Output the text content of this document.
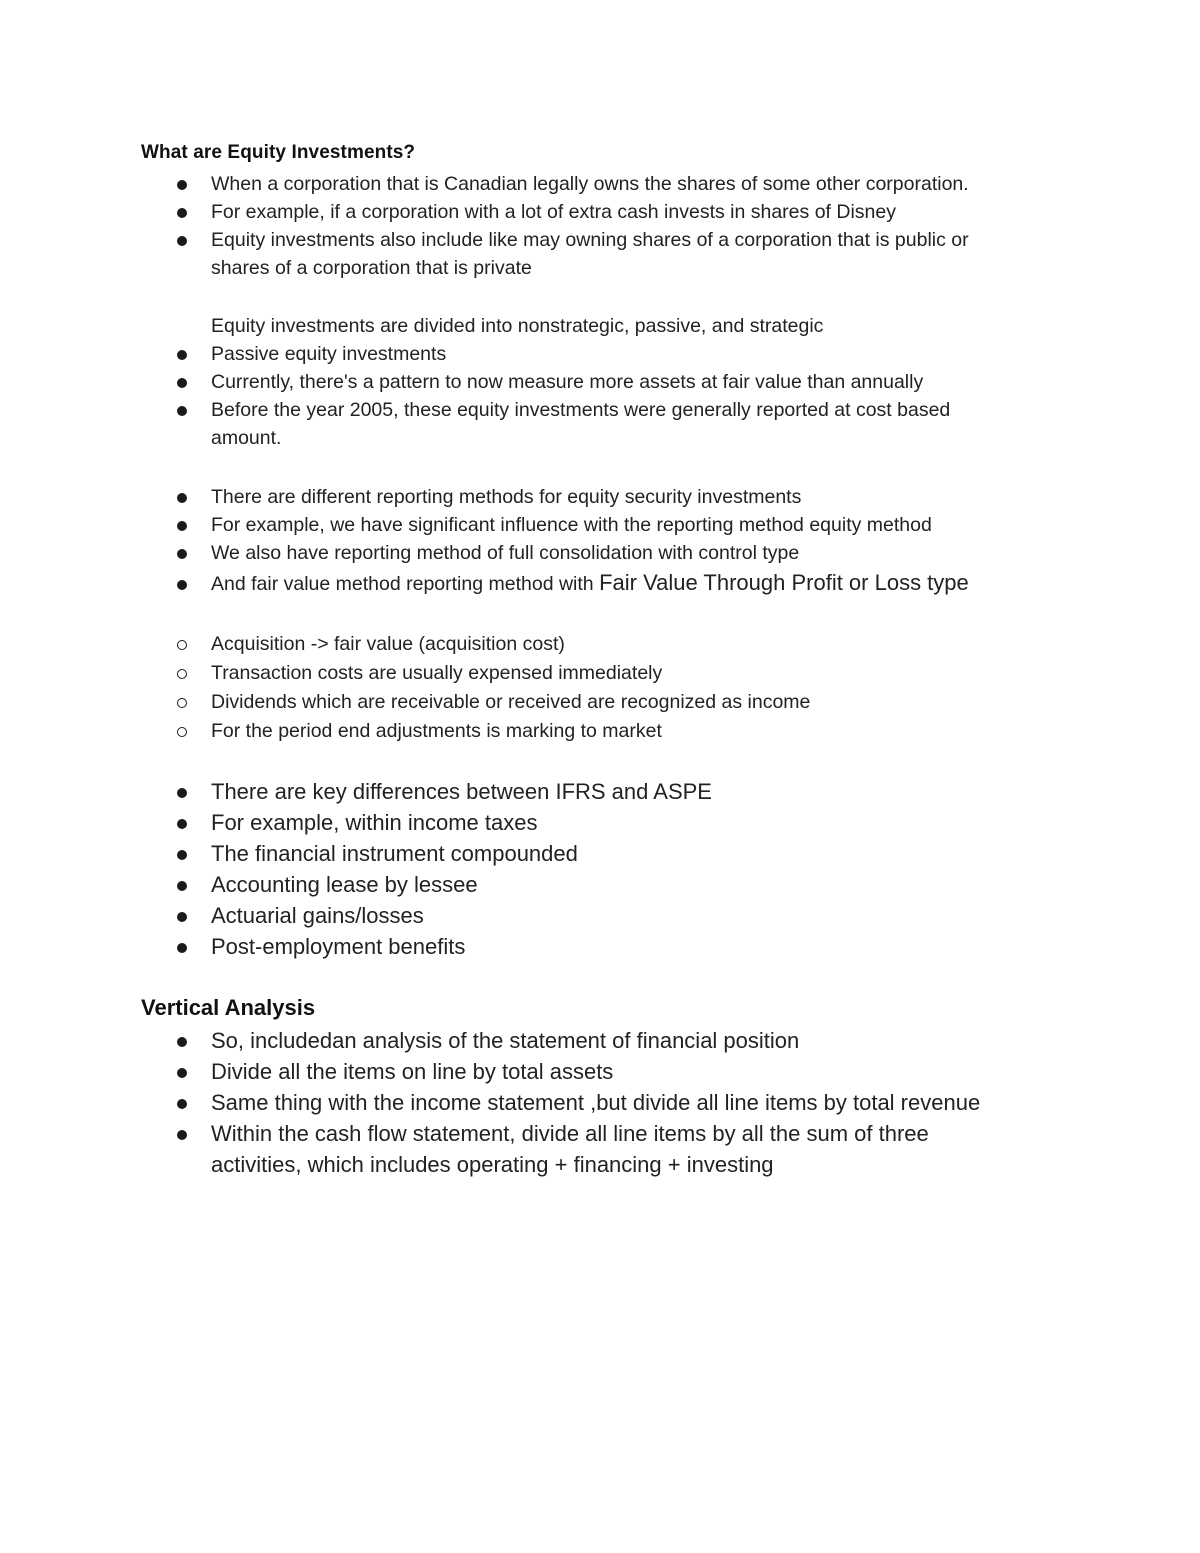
What are Equity Investments?
When a corporation that is Canadian legally owns the shares of some other corporation.
For example, if a corporation with a lot of extra cash invests in shares of Disney
Equity investments also include like may owning shares of a corporation that is public or
shares of a corporation that is private
Equity investments are divided into nonstrategic, passive, and strategic
Passive equity investments
Currently, there's a pattern to now measure more assets at fair value than annually
Before the year 2005, these equity investments were generally reported at cost based
amount.
There are different reporting methods for equity security investments
For example, we have significant influence with the reporting method equity method
We also have reporting method of full consolidation with control type
And fair value method reporting method with Fair Value Through Profit or Loss type
Acquisition -> fair value (acquisition cost)
Transaction costs are usually expensed immediately
Dividends which are receivable or received are recognized as income
For the period end adjustments is marking to market
There are key differences between IFRS and ASPE
For example, within income taxes
The financial instrument compounded
Accounting lease by lessee
Actuarial gains/losses
Post-employment benefits
Vertical Analysis
So, includedan analysis of the statement of financial position
Divide all the items on line by total assets
Same thing with the income statement ,but divide all line items by total revenue
Within the cash flow statement, divide all line items by all the sum of three
activities, which includes operating + financing + investing
